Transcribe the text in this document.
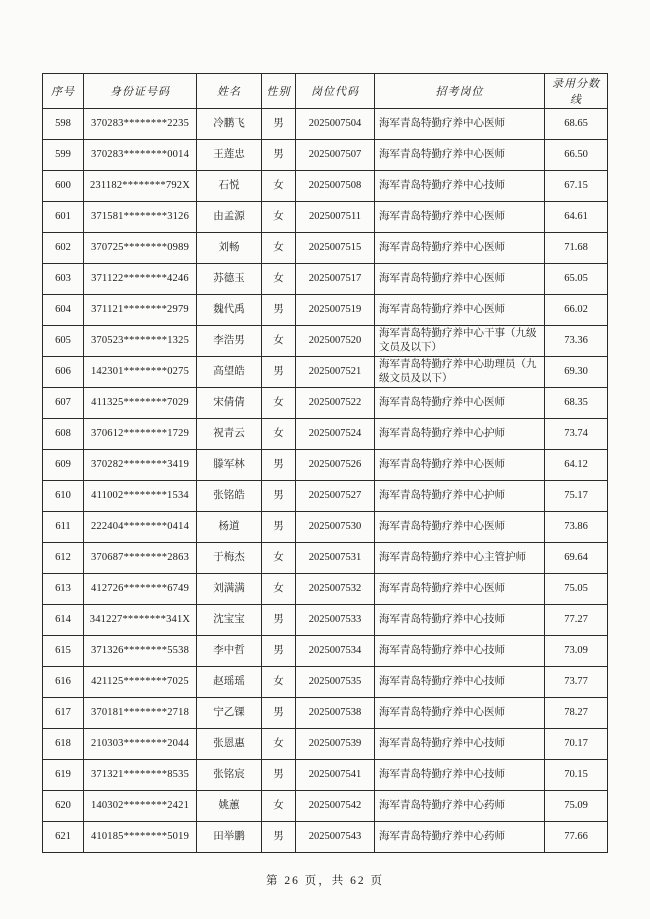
序号	身份证号码	姓名	性别	岗位代码	招考岗位	录用分数线
598	370283********2235	冷鹏飞	男	2025007504	海军青岛特勤疗养中心医师	68.65
599	370283********0014	王莲忠	男	2025007507	海军青岛特勤疗养中心医师	66.50
600	231182********792X	石悦	女	2025007508	海军青岛特勤疗养中心技师	67.15
601	371581********3126	由孟源	女	2025007511	海军青岛特勤疗养中心医师	64.61
602	370725********0989	刘畅	女	2025007515	海军青岛特勤疗养中心医师	71.68
603	371122********4246	苏德玉	女	2025007517	海军青岛特勤疗养中心医师	65.05
604	371121********2979	魏代禹	男	2025007519	海军青岛特勤疗养中心医师	66.02
605	370523********1325	李浩男	女	2025007520	海军青岛特勤疗养中心干事（九级文员及以下）	73.36
606	142301********0275	高望皓	男	2025007521	海军青岛特勤疗养中心助理员（九级文员及以下）	69.30
607	411325********7029	宋倩倩	女	2025007522	海军青岛特勤疗养中心医师	68.35
608	370612********1729	祝青云	女	2025007524	海军青岛特勤疗养中心护师	73.74
609	370282********3419	滕军林	男	2025007526	海军青岛特勤疗养中心医师	64.12
610	411002********1534	张铭皓	男	2025007527	海军青岛特勤疗养中心护师	75.17
611	222404********0414	杨道	男	2025007530	海军青岛特勤疗养中心医师	73.86
612	370687********2863	于梅杰	女	2025007531	海军青岛特勤疗养中心主管护师	69.64
613	412726********6749	刘满满	女	2025007532	海军青岛特勤疗养中心医师	75.05
614	341227********341X	沈宝宝	男	2025007533	海军青岛特勤疗养中心技师	77.27
615	371326********5538	李中哲	男	2025007534	海军青岛特勤疗养中心技师	73.09
616	421125********7025	赵瑶瑶	女	2025007535	海军青岛特勤疗养中心技师	73.77
617	370181********2718	宁乙锞	男	2025007538	海军青岛特勤疗养中心医师	78.27
618	210303********2044	张恩惠	女	2025007539	海军青岛特勤疗养中心技师	70.17
619	371321********8535	张铭宸	男	2025007541	海军青岛特勤疗养中心技师	70.15
620	140302********2421	姚蕙	女	2025007542	海军青岛特勤疗养中心药师	75.09
621	410185********5019	田举鹏	男	2025007543	海军青岛特勤疗养中心药师	77.66
第 26 页，共 62 页
